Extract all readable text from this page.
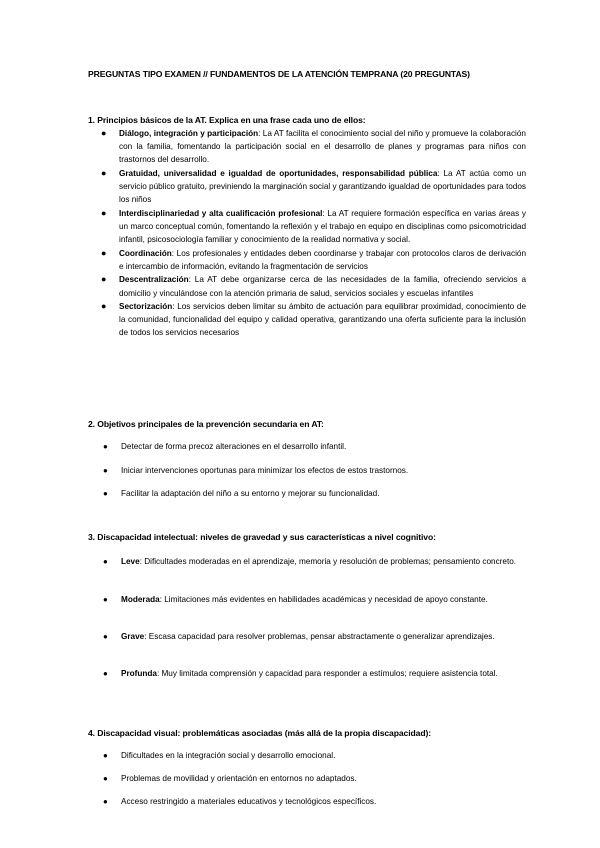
PREGUNTAS TIPO EXAMEN // FUNDAMENTOS DE LA ATENCIÓN TEMPRANA (20 PREGUNTAS)
1. Principios básicos de la AT. Explica en una frase cada uno de ellos:
● Diálogo, integración y participación: La AT facilita el conocimiento social del niño y promueve la colaboración con la familia, fomentando la participación social en el desarrollo de planes y programas para niños con trastornos del desarrollo.
● Gratuidad, universalidad e igualdad de oportunidades, responsabilidad pública: La AT actúa como un servicio público gratuito, previniendo la marginación social y garantizando igualdad de oportunidades para todos los niños
● Interdisciplinariedad y alta cualificación profesional: La AT requiere formación específica en varias áreas y un marco conceptual común, fomentando la reflexión y el trabajo en equipo en disciplinas como psicomotricidad infantil, psicosociología familiar y conocimiento de la realidad normativa y social.
● Coordinación: Los profesionales y entidades deben coordinarse y trabajar con protocolos claros de derivación e intercambio de información, evitando la fragmentación de servicios
● Descentralización: La AT debe organizarse cerca de las necesidades de la familia, ofreciendo servicios a domicilio y vinculándose con la atención primaria de salud, servicios sociales y escuelas infantiles
● Sectorización: Los servicios deben limitar su ámbito de actuación para equilibrar proximidad, conocimiento de la comunidad, funcionalidad del equipo y calidad operativa, garantizando una oferta suficiente para la inclusión de todos los servicios necesarios
2. Objetivos principales de la prevención secundaria en AT:
● Detectar de forma precoz alteraciones en el desarrollo infantil.
● Iniciar intervenciones oportunas para minimizar los efectos de estos trastornos.
● Facilitar la adaptación del niño a su entorno y mejorar su funcionalidad.
3. Discapacidad intelectual: niveles de gravedad y sus características a nivel cognitivo:
● Leve: Dificultades moderadas en el aprendizaje, memoria y resolución de problemas; pensamiento concreto.
● Moderada: Limitaciones más evidentes en habilidades académicas y necesidad de apoyo constante.
● Grave: Escasa capacidad para resolver problemas, pensar abstractamente o generalizar aprendizajes.
● Profunda: Muy limitada comprensión y capacidad para responder a estímulos; requiere asistencia total.
4. Discapacidad visual: problemáticas asociadas (más allá de la propia discapacidad):
● Dificultades en la integración social y desarrollo emocional.
● Problemas de movilidad y orientación en entornos no adaptados.
● Acceso restringido a materiales educativos y tecnológicos específicos.
